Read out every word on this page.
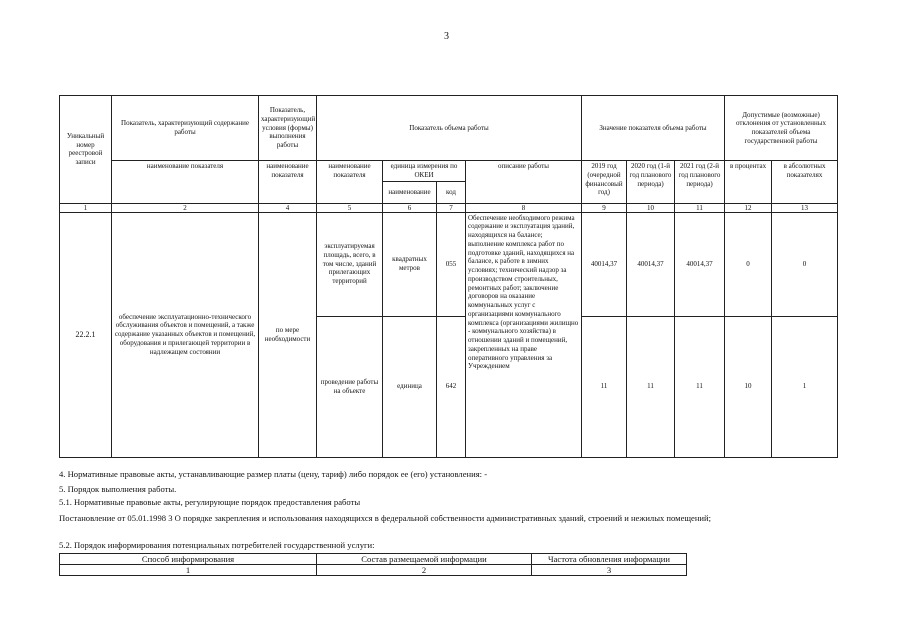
3
Уникальный номер реестровой записи	Показатель, характеризующий содержание работы	Показатель, характеризующий условия (формы) выполнения работы	Показатель объема работы				Значение показателя объема работы			Допустимые (возможные) отклонения от установленных показателей объема государственной работы	
	наименование показателя	наименование показателя	наименование показателя	единица измерения по ОКЕИ		описание работы	2019 год (очередной финансовый год)	2020 год (1-й год планового периода)	2021 год (2-й год планового периода)	в процентах	в абсолютных показателях
				наименование	код						
1	2	4	5	6	7	8	9	10	11	12	13
22.2.1	обеспечение эксплуатационно-технического обслуживания объектов и помещений, а также содержание указанных объектов и помещений, оборудования и прилегающей территории в надлежащем состоянии	по мере необходимости	эксплуатируемая площадь, всего, в том числе, зданий прилегающих территорий	квадратных метров	055	Обеспечение необходимого режима содержание и эксплуатация зданий, находящихся на балансе; выполнение комплекса работ по подготовке зданий, находящихся на балансе, к работе в зимних условиях; технический надзор за производством строительных, ремонтных работ; заключение договоров на оказание коммунальных услуг с организациями коммунального комплекса (организациями жилищно - коммунального хозяйства) в отношении зданий и помещений, закрепленных на праве оперативного управления за Учреждением	40014,37	40014,37	40014,37	0	0
			проведение работы на объекте	единица	642		11	11	11	10	1
4. Нормативные правовые акты, устанавливающие размер платы (цену, тариф) либо порядок ее (его) установления: -
5. Порядок выполнения работы.
5.1. Нормативные правовые акты, регулирующие порядок предоставления работы
Постановление от 05.01.1998 3 О порядке закрепления и использования находящихся в федеральной собственности административных зданий, строений и нежилых помещений;
5.2. Порядок информирования потенциальных потребителей государственной услуги:
Способ информирования	Состав размещаемой информации	Частота обновления информации
1	2	3
